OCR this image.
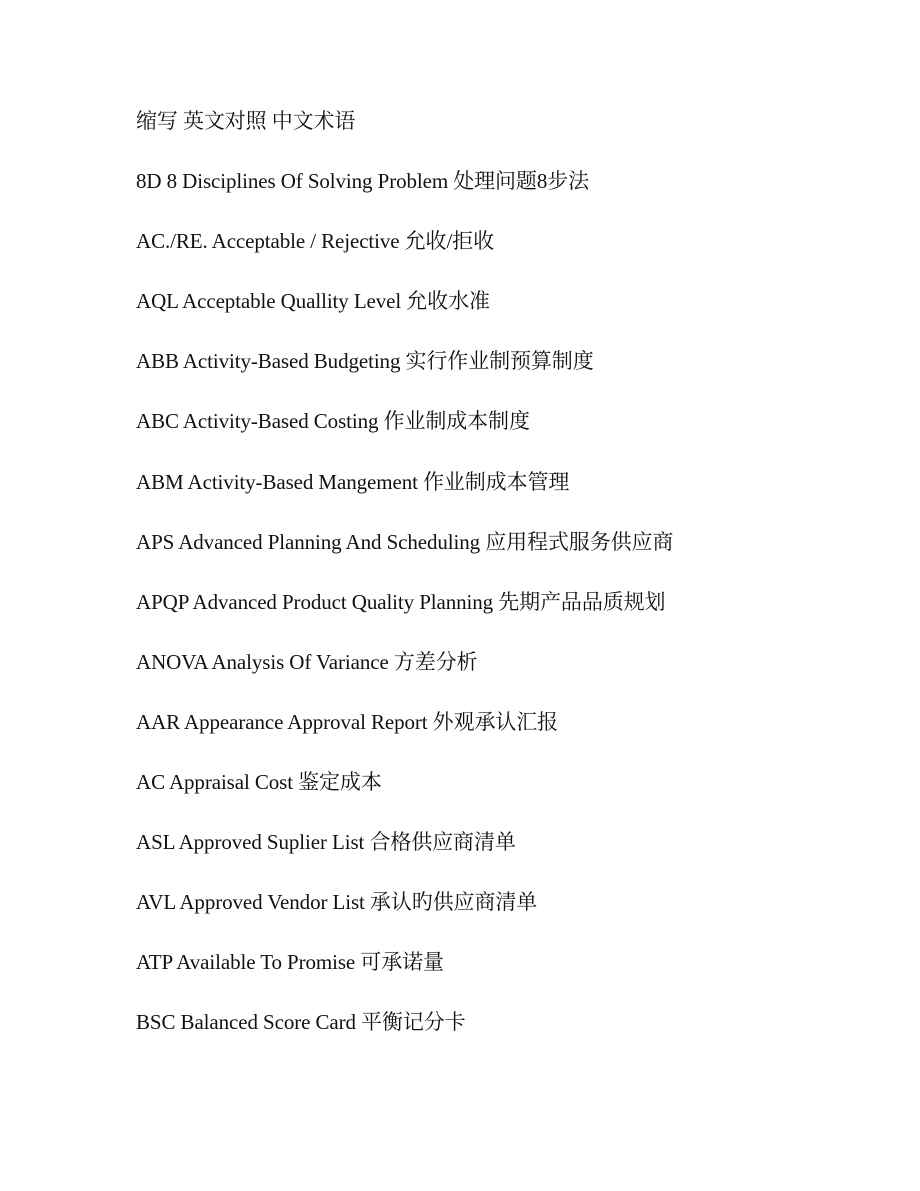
缩写 英文对照 中文术语
8D 8 Disciplines Of Solving Problem 处理问题8步法
AC./RE. Acceptable / Rejective 允收/拒收
AQL Acceptable Quallity Level 允收水准
ABB Activity-Based Budgeting 实行作业制预算制度
ABC Activity-Based Costing 作业制成本制度
ABM Activity-Based Mangement 作业制成本管理
APS Advanced Planning And Scheduling 应用程式服务供应商
APQP Advanced Product Quality Planning 先期产品品质规划
ANOVA Analysis Of Variance 方差分析
AAR Appearance Approval Report 外观承认汇报
AC Appraisal Cost 鉴定成本
ASL Approved Suplier List 合格供应商清单
AVL Approved Vendor List 承认旳供应商清单
ATP Available To Promise 可承诺量
BSC Balanced Score Card 平衡记分卡
